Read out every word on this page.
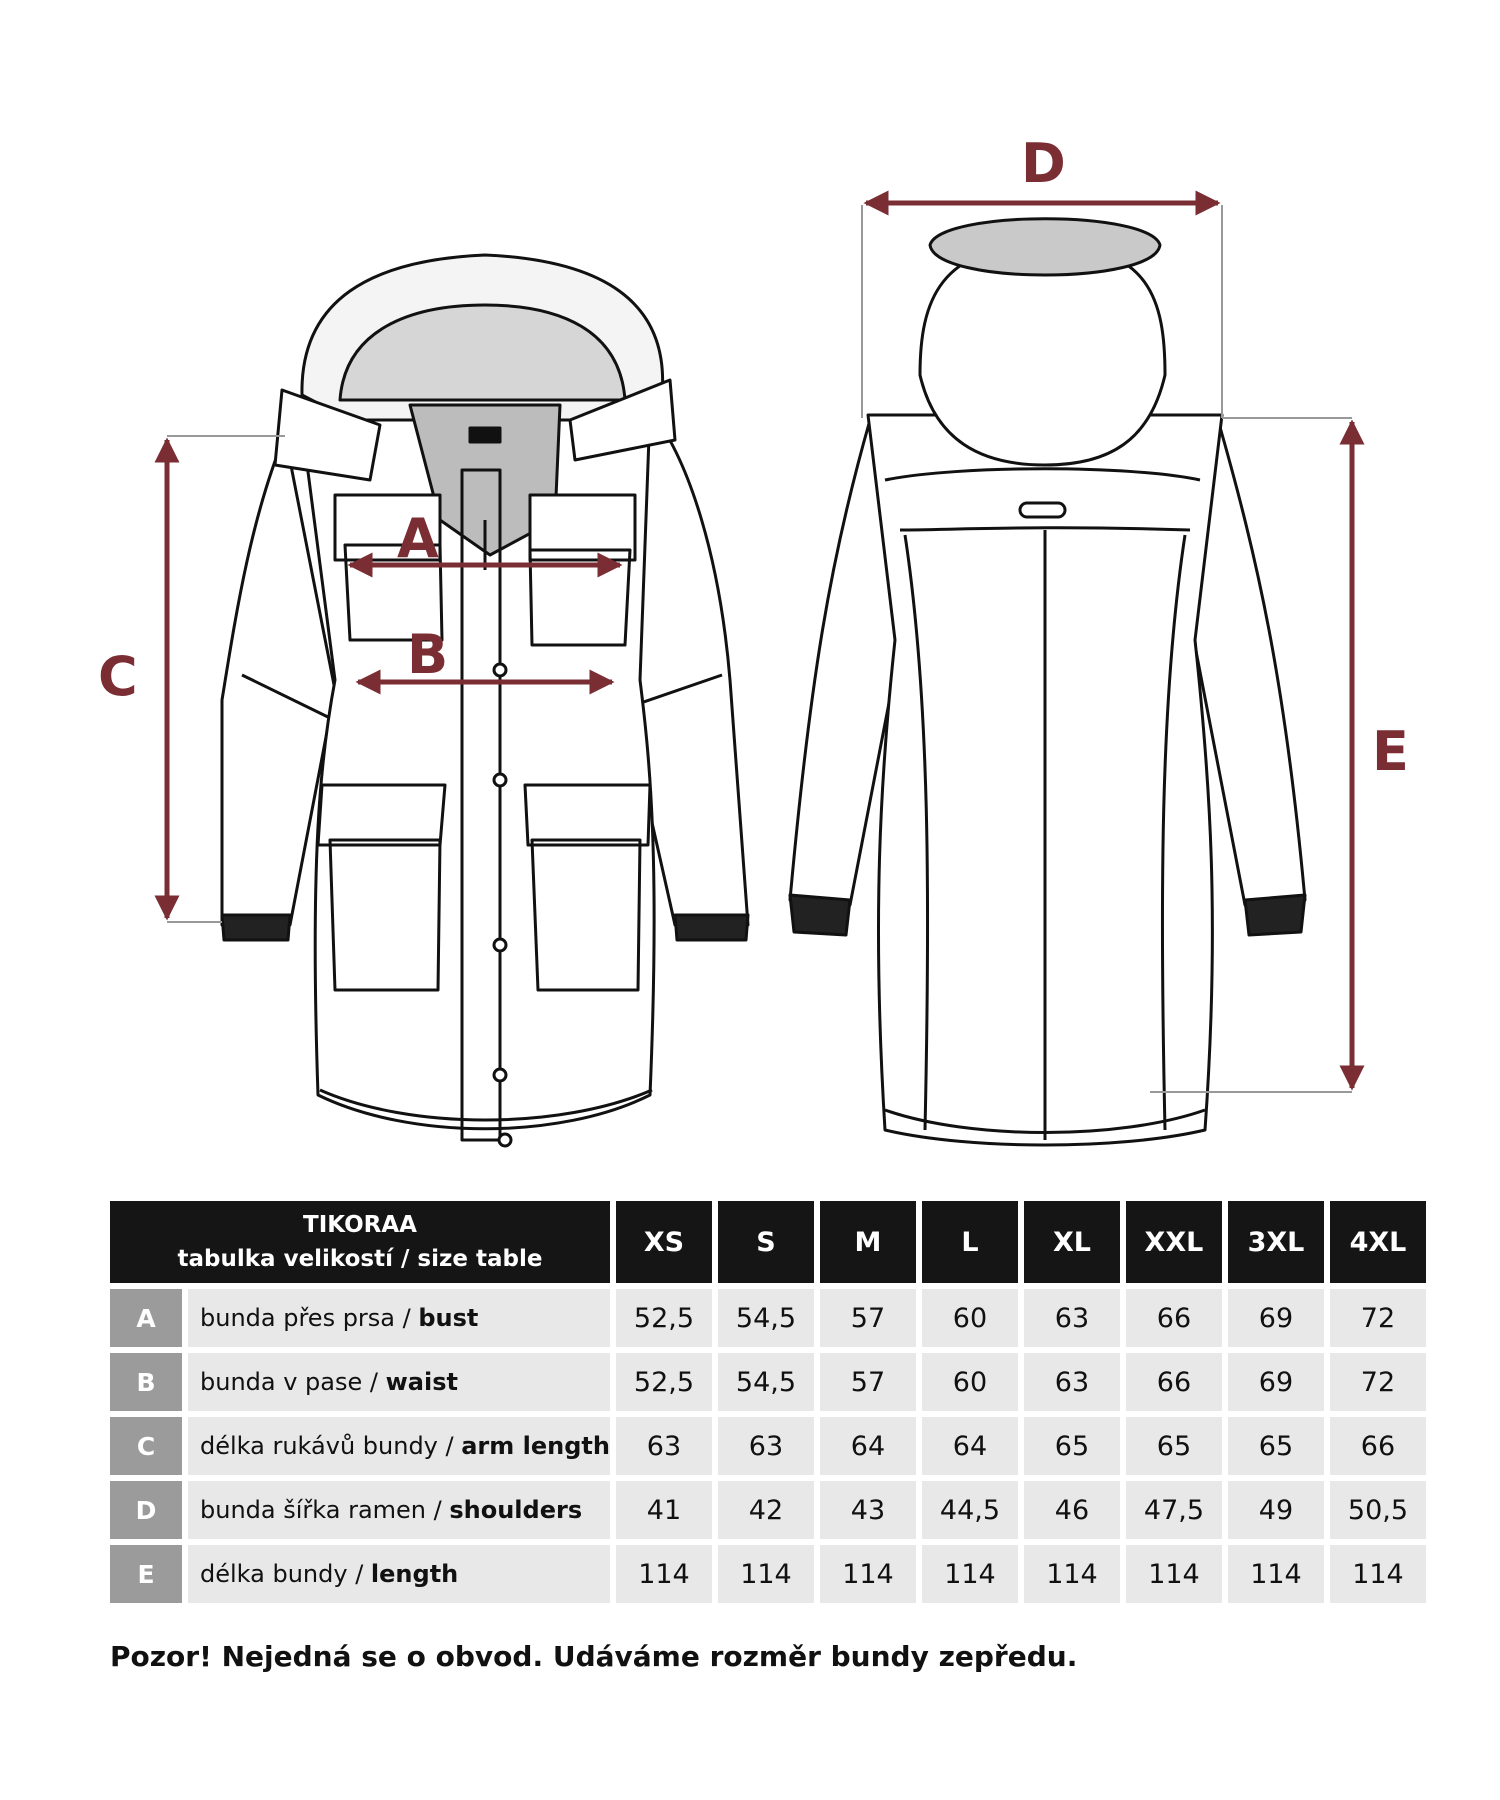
A
B
C
D
E
TIKORAA
tabulka velikostí / size table		XS	S	M	L	XL	XXL	3XL	4XL
A	bunda přes prsa / bust	52,5	54,5	57	60	63	66	69	72
B	bunda v pase / waist	52,5	54,5	57	60	63	66	69	72
C	délka rukávů bundy / arm length	63	63	64	64	65	65	65	66
D	bunda šířka ramen / shoulders	41	42	43	44,5	46	47,5	49	50,5
E	délka bundy / length	114	114	114	114	114	114	114	114

Pozor! Nejedná se o obvod. Udáváme rozměr bundy zepředu.
